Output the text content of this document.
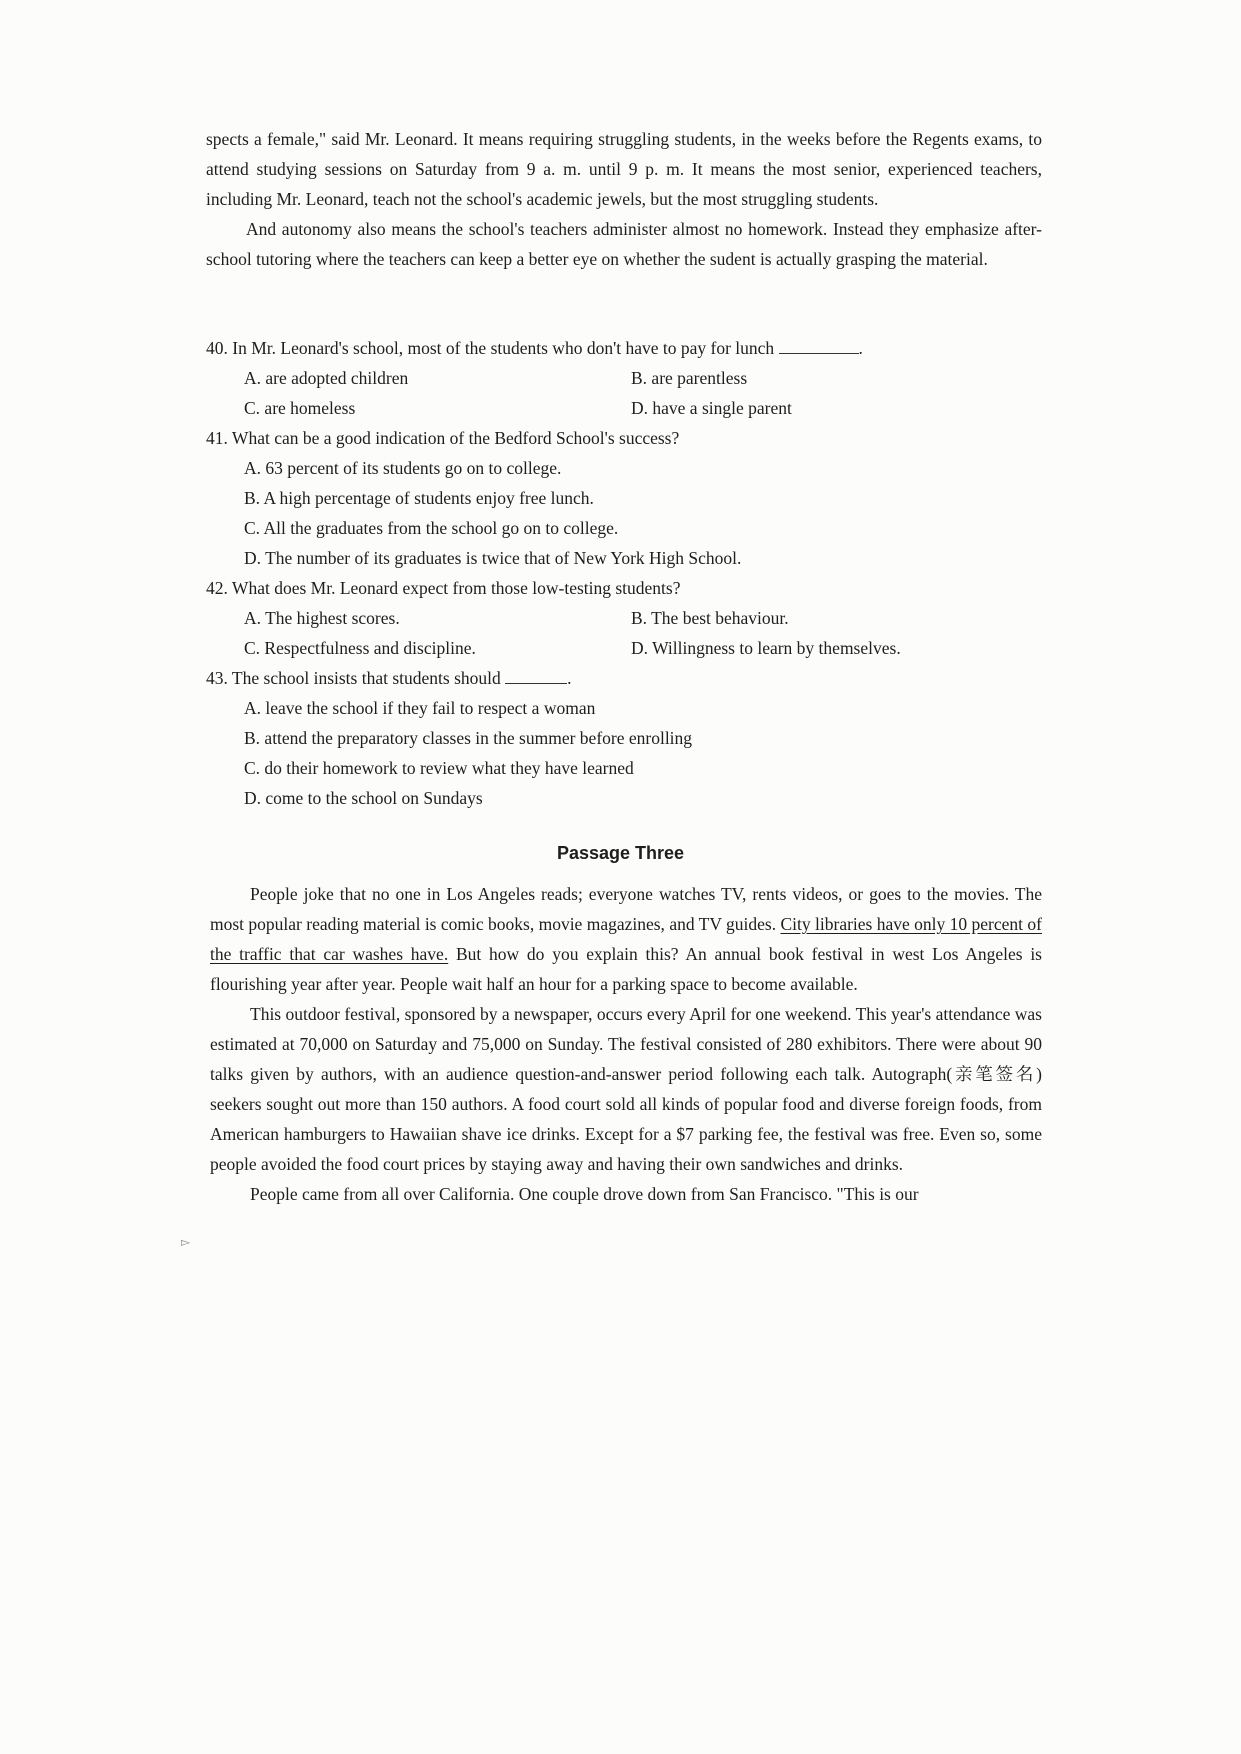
spects a female," said Mr. Leonard. It means requiring struggling students, in the weeks before the Regents exams, to attend studying sessions on Saturday from 9 a. m. until 9 p. m. It means the most senior, experienced teachers, including Mr. Leonard, teach not the school's academic jewels, but the most struggling students.

And autonomy also means the school's teachers administer almost no homework. Instead they emphasize after-school tutoring where the teachers can keep a better eye on whether the sudent is actually grasping the material.

40. In Mr. Leonard's school, most of the students who don't have to pay for lunch	.
A. are adopted children	B. are parentless
C. are homeless	D. have a single parent
41. What can be a good indication of the Bedford School's success?
A. 63 percent of its students go on to college.
B. A high percentage of students enjoy free lunch.
C. All the graduates from the school go on to college.
D. The number of its graduates is twice that of New York High School.
42. What does Mr. Leonard expect from those low-testing students?
A. The highest scores.	B. The best behaviour.
C. Respectfulness and discipline.	D. Willingness to learn by themselves.
43. The school insists that students should	.
A. leave the school if they fail to respect a woman
B. attend the preparatory classes in the summer before enrolling
C. do their homework to review what they have learned
D. come to the school on Sundays
Passage Three

People joke that no one in Los Angeles reads; everyone watches TV, rents videos, or goes to the movies. The most popular reading material is comic books, movie magazines, and TV guides. City libraries have only 10 percent of the traffic that car washes have. But how do you explain this? An annual book festival in west Los Angeles is flourishing year after year. People wait half an hour for a parking space to become available.

This outdoor festival, sponsored by a newspaper, occurs every April for one weekend. This year's attendance was estimated at 70,000 on Saturday and 75,000 on Sunday. The festival consisted of 280 exhibitors. There were about 90 talks given by authors, with an audience question-and-answer period following each talk. Autograph(亲笔签名) seekers sought out more than 150 authors. A food court sold all kinds of popular food and diverse foreign foods, from American hamburgers to Hawaiian shave ice drinks. Except for a $7 parking fee, the festival was free. Even so, some people avoided the food court prices by staying away and having their own sandwiches and drinks.

People came from all over California. One couple drove down from San Francisco. "This is our

▻
